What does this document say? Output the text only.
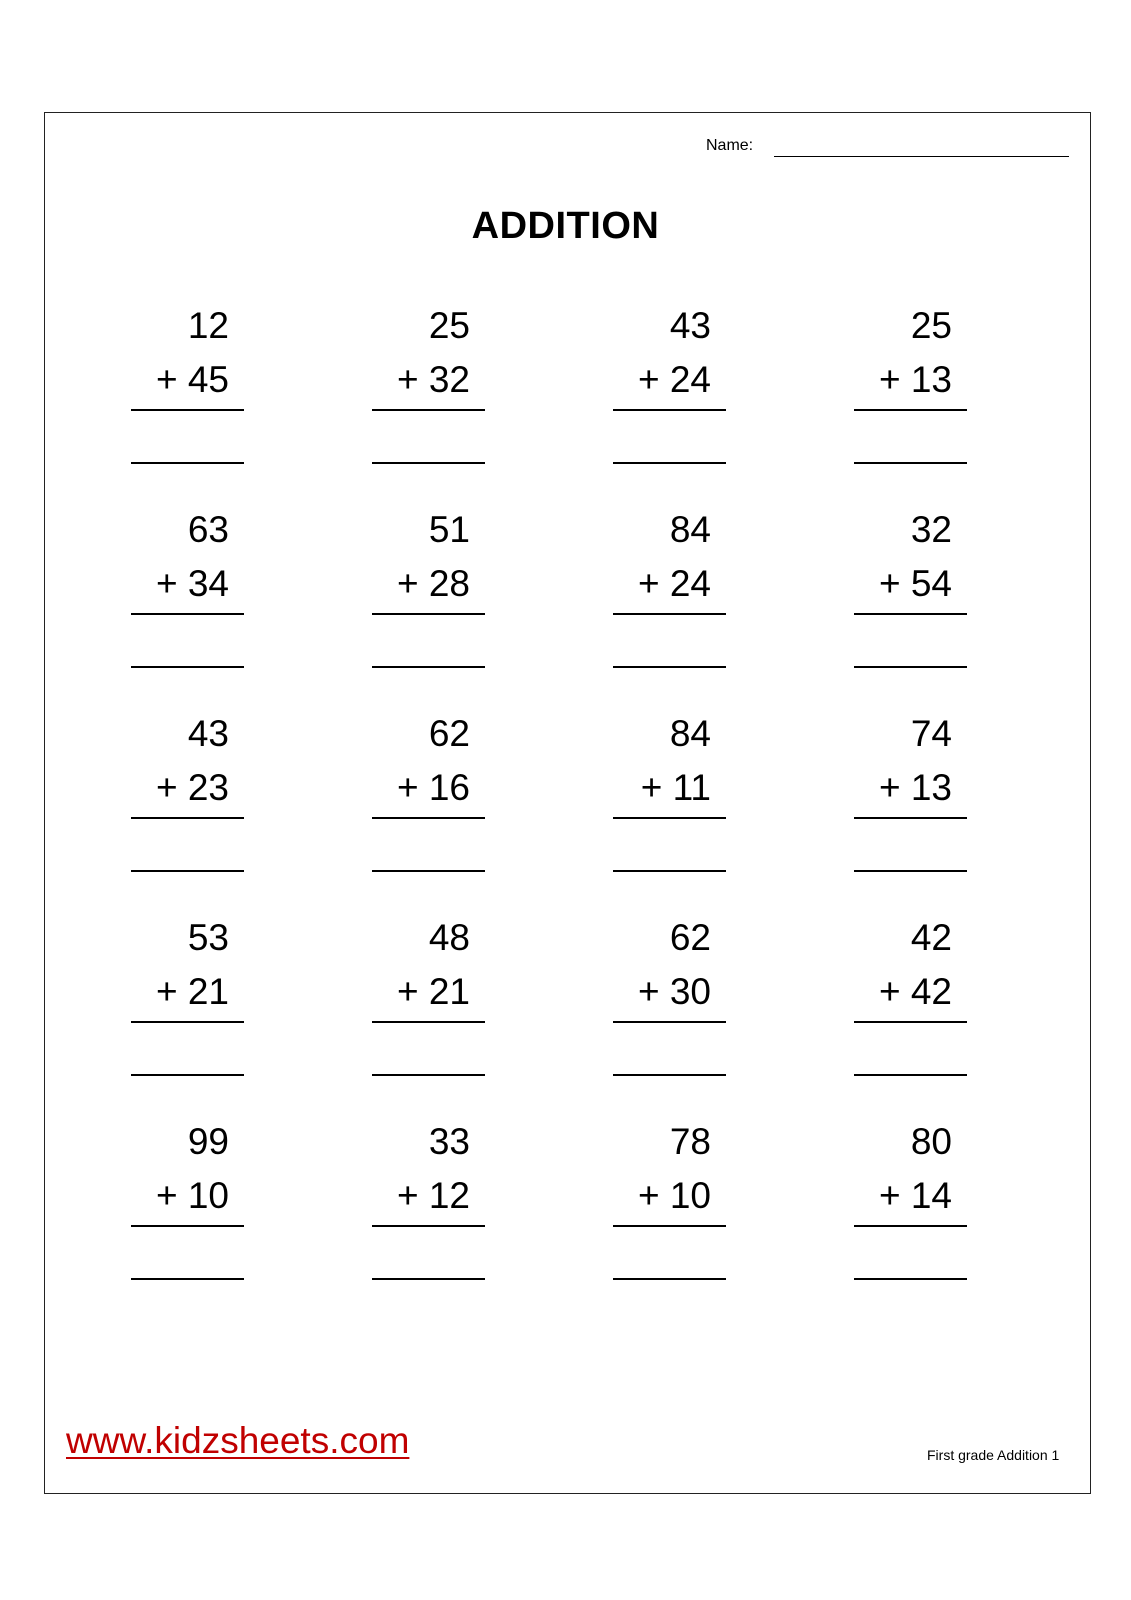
Name:
ADDITION
12
+ 45
25
+ 32
43
+ 24
25
+ 13
63
+ 34
51
+ 28
84
+ 24
32
+ 54
43
+ 23
62
+ 16
84
+ 11
74
+ 13
53
+ 21
48
+ 21
62
+ 30
42
+ 42
99
+ 10
33
+ 12
78
+ 10
80
+ 14
www.kidzsheets.com	First grade Addition 1
